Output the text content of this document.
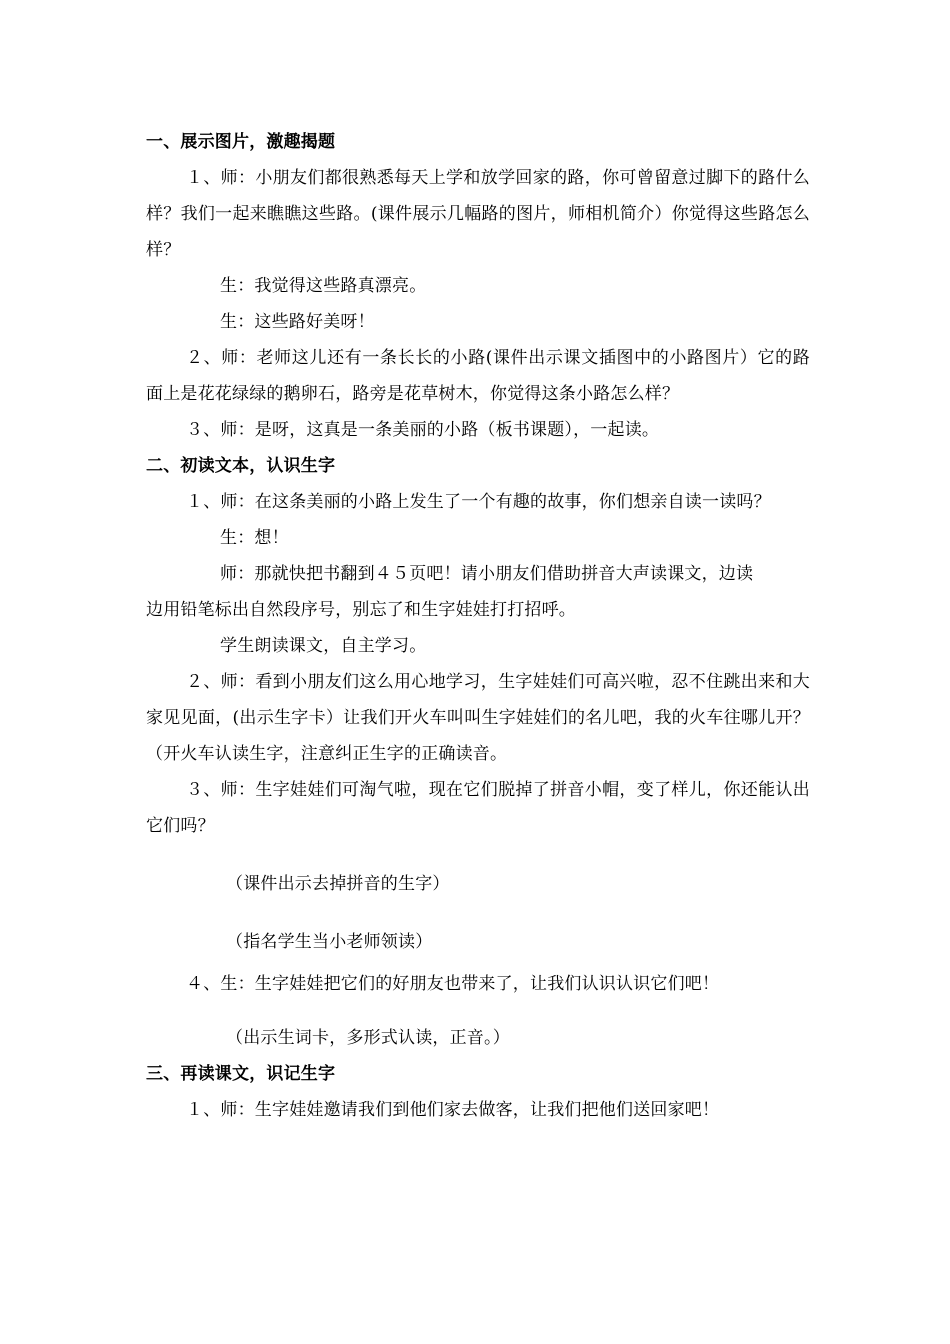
一、展示图片，激趣揭题
１、师：小朋友们都很熟悉每天上学和放学回家的路，你可曾留意过脚下的路什么样？我们一起来瞧瞧这些路。(课件展示几幅路的图片，师相机简介）你觉得这些路怎么样？
生：我觉得这些路真漂亮。
生：这些路好美呀！
２、师：老师这儿还有一条长长的小路(课件出示课文插图中的小路图片）它的路面上是花花绿绿的鹅卵石，路旁是花草树木，你觉得这条小路怎么样？
３、师：是呀，这真是一条美丽的小路（板书课题），一起读。
二、初读文本，认识生字
１、师：在这条美丽的小路上发生了一个有趣的故事，你们想亲自读一读吗？
生：想！
师：那就快把书翻到４５页吧！请小朋友们借助拼音大声读课文，边读
边用铅笔标出自然段序号，别忘了和生字娃娃打打招呼。
学生朗读课文，自主学习。
２、师：看到小朋友们这么用心地学习，生字娃娃们可高兴啦，忍不住跳出来和大家见见面，(出示生字卡）让我们开火车叫叫生字娃娃们的名儿吧，我的火车往哪儿开？（开火车认读生字，注意纠正生字的正确读音。
３、师：生字娃娃们可淘气啦，现在它们脱掉了拼音小帽，变了样儿，你还能认出它们吗？
（课件出示去掉拼音的生字）
（指名学生当小老师领读）
４、生：生字娃娃把它们的好朋友也带来了，让我们认识认识它们吧！
（出示生词卡，多形式认读，正音。）
三、再读课文，识记生字
１、师：生字娃娃邀请我们到他们家去做客，让我们把他们送回家吧！
